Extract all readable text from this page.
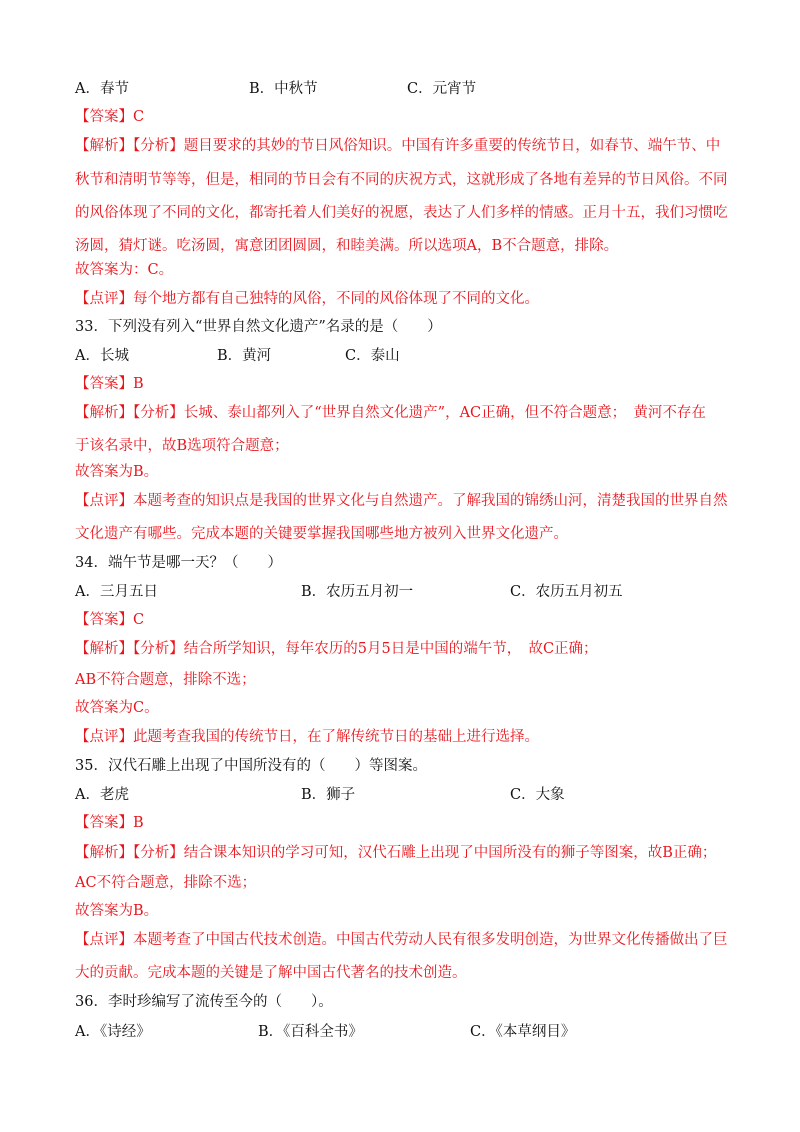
A．春节	B．中秋节	C．元宵节
【答案】C
【解析】【分析】题目要求的其妙的节日风俗知识。中国有许多重要的传统节日，如春节、端午节、中
秋节和清明节等等，但是，相同的节日会有不同的庆祝方式，这就形成了各地有差异的节日风俗。不同
的风俗体现了不同的文化，都寄托着人们美好的祝愿，表达了人们多样的情感。正月十五，我们习惯吃
汤圆，猜灯谜。吃汤圆，寓意团团圆圆，和睦美满。所以选项A，B不合题意，排除。
故答案为：C。
【点评】每个地方都有自己独特的风俗，不同的风俗体现了不同的文化。
33．下列没有列入“世界自然文化遗产”名录的是（　　）
A．长城	B．黄河	C．泰山
【答案】B
【解析】【分析】长城、泰山都列入了“世界自然文化遗产”，AC正确，但不符合题意；　黄河不存在
于该名录中，故B选项符合题意；
故答案为B。
【点评】本题考查的知识点是我国的世界文化与自然遗产。了解我国的锦绣山河，清楚我国的世界自然
文化遗产有哪些。完成本题的关键要掌握我国哪些地方被列入世界文化遗产。
34．端午节是哪一天？（　　）
A．三月五日	B．农历五月初一	C．农历五月初五
【答案】C
【解析】【分析】结合所学知识，每年农历的5月5日是中国的端午节，　故C正确；
AB不符合题意，排除不选；
故答案为C。
【点评】此题考查我国的传统节日，在了解传统节日的基础上进行选择。
35．汉代石雕上出现了中国所没有的（　　）等图案。
A．老虎	B．狮子	C．大象
【答案】B
【解析】【分析】结合课本知识的学习可知，汉代石雕上出现了中国所没有的狮子等图案，故B正确；
AC不符合题意，排除不选；
故答案为B。
【点评】本题考查了中国古代技术创造。中国古代劳动人民有很多发明创造，为世界文化传播做出了巨
大的贡献。完成本题的关键是了解中国古代著名的技术创造。
36．李时珍编写了流传至今的（　　）。
A．《诗经》	B．《百科全书》	C．《本草纲目》
